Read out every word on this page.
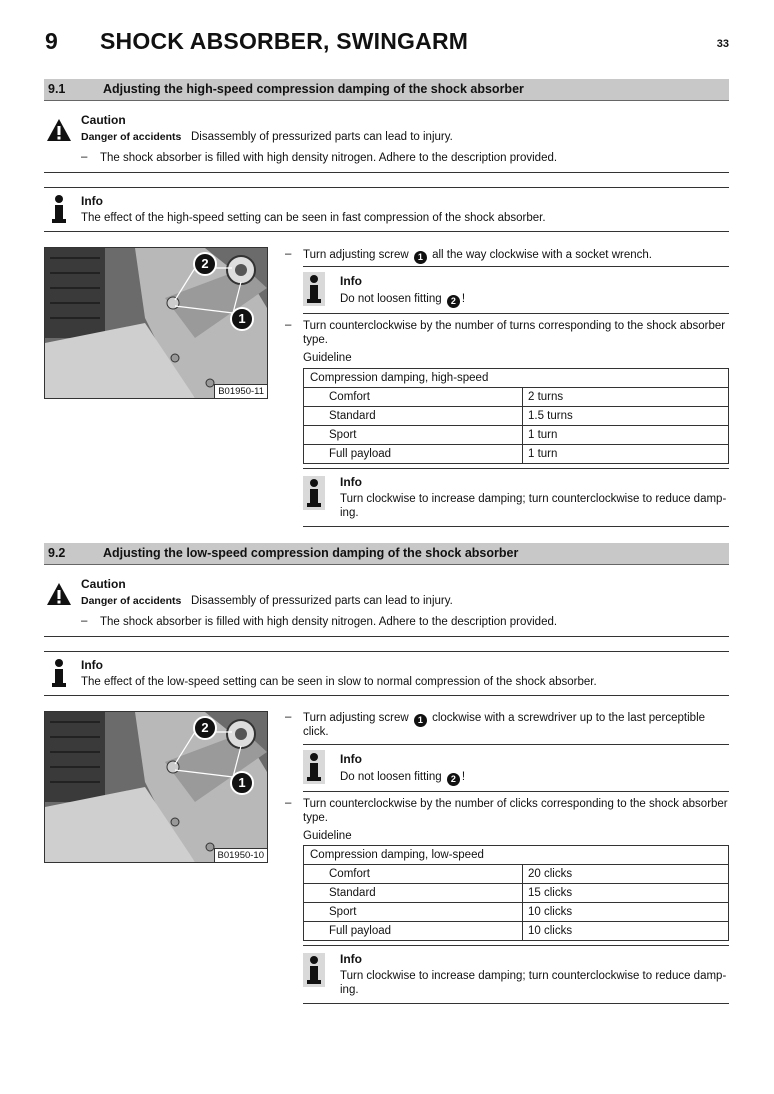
9 SHOCK ABSORBER, SWINGARM	33
9.1	Adjusting the high-speed compression damping of the shock absorber
Caution
Danger of accidents Disassembly of pressurized parts can lead to injury.
– The shock absorber is filled with high density nitrogen. Adhere to the description provided.
Info
The effect of the high-speed setting can be seen in fast compression of the shock absorber.
2
1
B01950-11
– Turn adjusting screw 1 all the way clockwise with a socket wrench.
Info
Do not loosen fitting 2 !
– Turn counterclockwise by the number of turns corresponding to the shock absorber
type.
Guideline
Compression damping, high-speed	
Comfort	2 turns
Standard	1.5 turns
Sport	1 turn
Full payload	1 turn
Info
Turn clockwise to increase damping; turn counterclockwise to reduce damp-
ing.
9.2	Adjusting the low-speed compression damping of the shock absorber
Caution
Danger of accidents Disassembly of pressurized parts can lead to injury.
– The shock absorber is filled with high density nitrogen. Adhere to the description provided.
Info
The effect of the low-speed setting can be seen in slow to normal compression of the shock absorber.
2
1
B01950-10
– Turn adjusting screw 1 clockwise with a screwdriver up to the last perceptible
click.
Info
Do not loosen fitting 2 !
– Turn counterclockwise by the number of clicks corresponding to the shock absorber
type.
Guideline
Compression damping, low-speed	
Comfort	20 clicks
Standard	15 clicks
Sport	10 clicks
Full payload	10 clicks
Info
Turn clockwise to increase damping; turn counterclockwise to reduce damp-
ing.
